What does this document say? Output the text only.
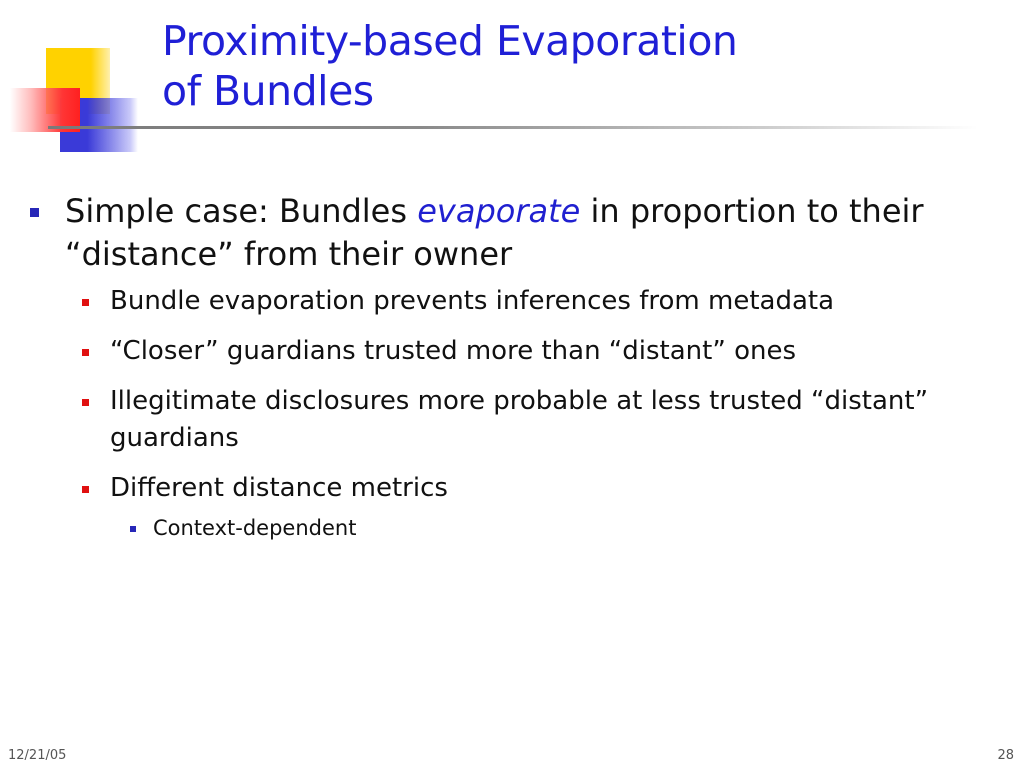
Proximity-based Evaporation
of Bundles
Simple case: Bundles evaporate in proportion to their “distance” from their owner
Bundle evaporation prevents inferences from metadata
“Closer” guardians trusted more than “distant” ones
Illegitimate disclosures more probable at less trusted “distant” guardians
Different distance metrics
Context-dependent
12/21/05	28
